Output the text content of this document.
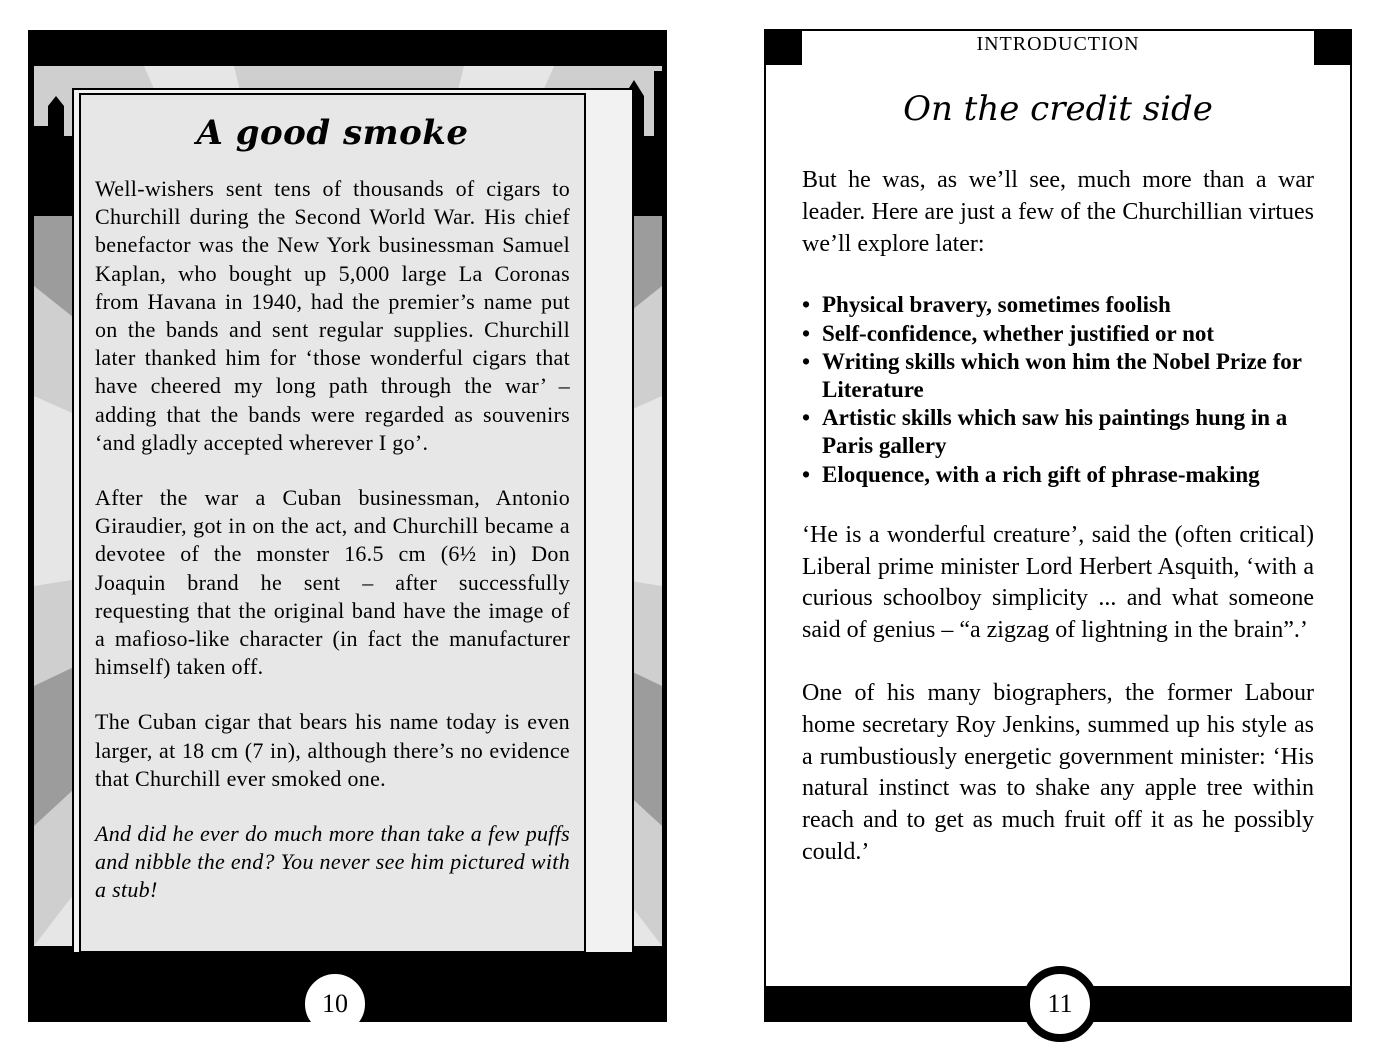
A good smoke

Well-wishers sent tens of thousands of cigars to Churchill during the Second World War. His chief benefactor was the New York businessman Samuel Kaplan, who bought up 5,000 large La Coronas from Havana in 1940, had the premier’s name put on the bands and sent regular supplies. Churchill later thanked him for ‘those wonderful cigars that have cheered my long path through the war’ – adding that the bands were regarded as souvenirs ‘and gladly accepted wherever I go’.

After the war a Cuban businessman, Antonio Giraudier, got in on the act, and Churchill became a devotee of the monster 16.5 cm (6½ in) Don Joaquin brand he sent – after successfully requesting that the original band have the image of a mafioso-like character (in fact the manufacturer himself) taken off.

The Cuban cigar that bears his name today is even larger, at 18 cm (7 in), although there’s no evidence that Churchill ever smoked one.

And did he ever do much more than take a few puffs and nibble the end? You never see him pictured with a stub!

10
INTRODUCTION
On the credit side

But he was, as we’ll see, much more than a war leader. Here are just a few of the Churchillian virtues we’ll explore later:

• Physical bravery, sometimes foolish
• Self-confidence, whether justified or not
• Writing skills which won him the Nobel Prize for Literature
• Artistic skills which saw his paintings hung in a Paris gallery
• Eloquence, with a rich gift of phrase-making

‘He is a wonderful creature’, said the (often critical) Liberal prime minister Lord Herbert Asquith, ‘with a curious schoolboy simplicity ... and what someone said of genius – “a zigzag of lightning in the brain”.’

One of his many biographers, the former Labour home secretary Roy Jenkins, summed up his style as a rumbustiously energetic government minister: ‘His natural instinct was to shake any apple tree within reach and to get as much fruit off it as he possibly could.’

11
